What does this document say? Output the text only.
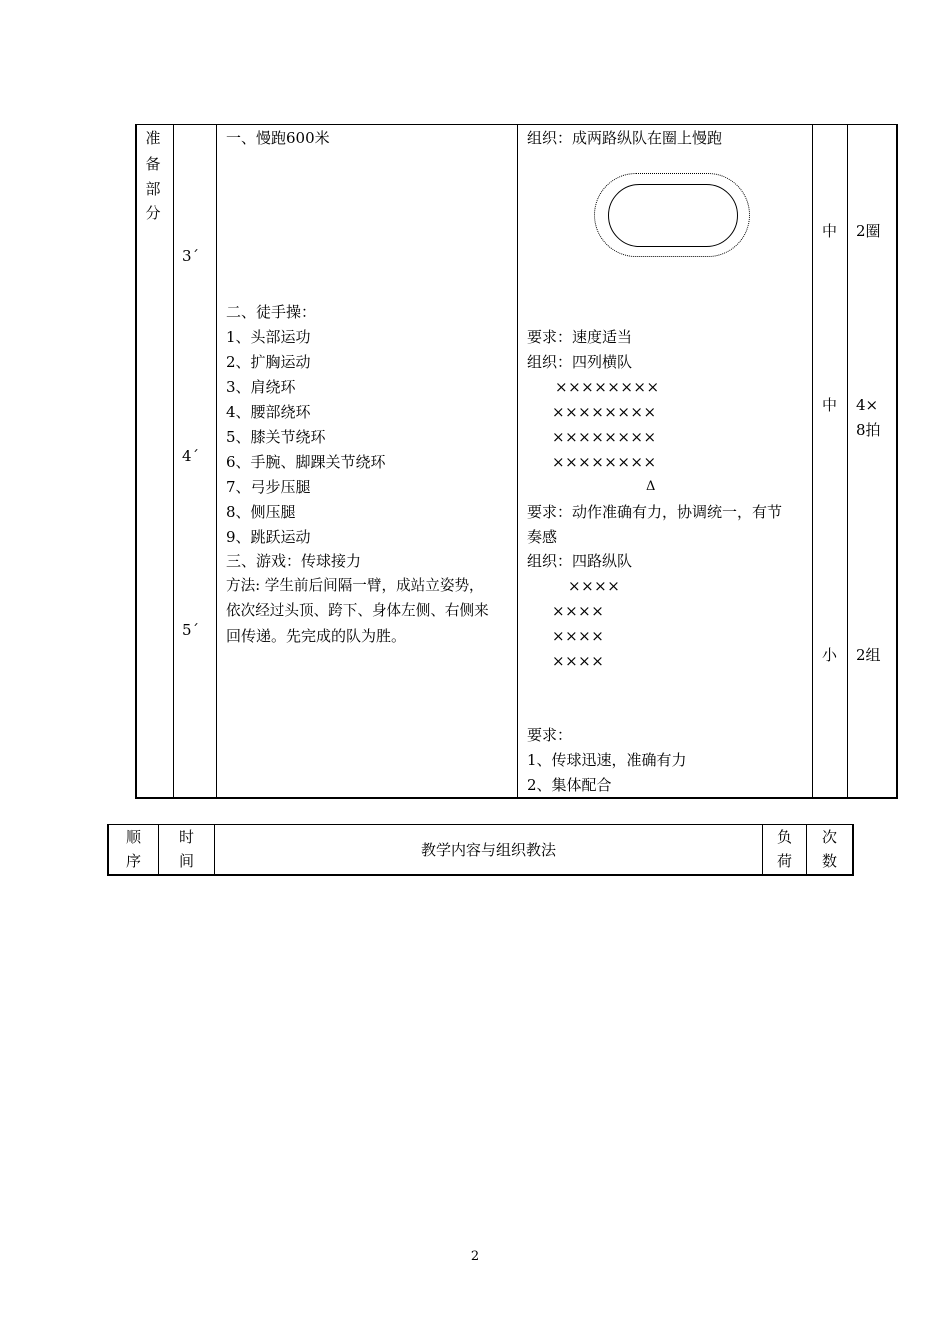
准
备
部
分
3´
4´
5´
一、慢跑600米
二、徒手操：
1、头部运功
2、扩胸运动
3、肩绕环
4、腰部绕环
5、膝关节绕环
6、手腕、脚踝关节绕环
7、弓步压腿
8、侧压腿
9、跳跃运动
三、游戏：传球接力
方法: 学生前后间隔一臂，成站立姿势，
依次经过头顶、跨下、身体左侧、右侧来
回传递。先完成的队为胜。
组织：成两路纵队在圈上慢跑
要求：速度适当
组织：四列横队
××××××××
××××××××
××××××××
××××××××
Δ
要求：动作准确有力，协调统一，有节
奏感
组织：四路纵队
××××
××××
××××
××××
要求：
1、传球迅速，准确有力
2、集体配合
中
中
小
2圈
4×
8拍
2组
顺
序
时
间
教学内容与组织教法
负
荷
次
数
2
